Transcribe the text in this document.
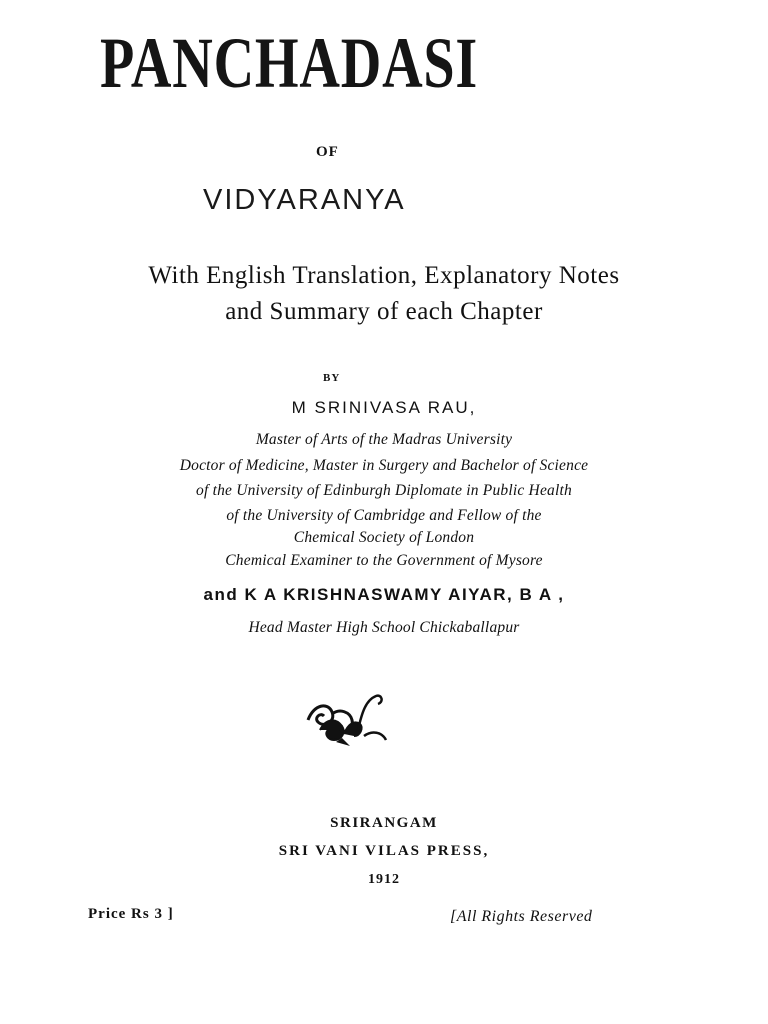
PANCHADASI
OF
VIDYARANYA
With English Translation, Explanatory Notes
and Summary of each Chapter
BY
M SRINIVASA RAU,
Master of Arts of the Madras University
Doctor of Medicine, Master in Surgery and Bachelor of Science
of the University of Edinburgh Diplomate in Public Health
of the University of Cambridge and Fellow of the
Chemical Society of London
Chemical Examiner to the Government of Mysore
and K A KRISHNASWAMY AIYAR, B A ,
Head Master High School Chickaballapur
SRIRANGAM
SRI VANI VILAS PRESS,
1912
Price Rs 3 ]	[All Rights Reserved
